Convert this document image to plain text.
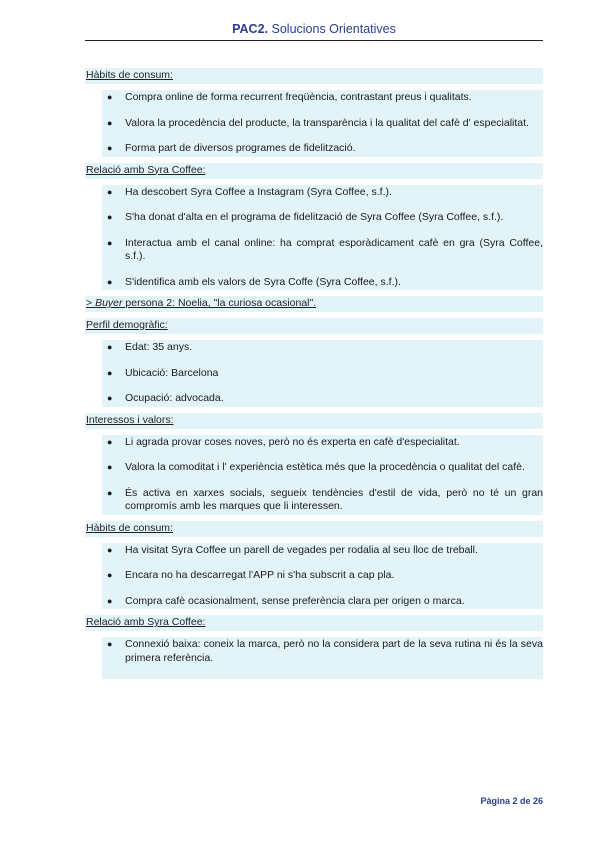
PAC2. Solucions Orientatives
Hàbits de consum:
●	Compra online de forma recurrent freqüència, contrastant preus i qualitats.
●	Valora la procedència del producte, la transparència i la qualitat del cafè d' especialitat.
●	Forma part de diversos programes de fidelització.
Relació amb Syra Coffee:
●	Ha descobert Syra Coffee a Instagram (Syra Coffee, s.f.).
●	S'ha donat d'alta en el programa de fidelització de Syra Coffee (Syra Coffee, s.f.).
●	Interactua amb el canal online: ha comprat esporàdicament cafè en gra (Syra Coffee, s.f.).
●	S'identifica amb els valors de Syra Coffe (Syra Coffee, s.f.).
> Buyer persona 2: Noelia, "la curiosa ocasional".
Perfil demogràfic:
●	Edat: 35 anys.
●	Ubicació: Barcelona
●	Ocupació: advocada.
Interessos i valors:
●	Li agrada provar coses noves, però no és experta en cafè d'especialitat.
●	Valora la comoditat i l' experiència estètica més que la procedència o qualitat del cafè.
●	És activa en xarxes socials, segueix tendències d'estil de vida, però no té un gran compromís amb les marques que li interessen.
Hàbits de consum:
●	Ha visitat Syra Coffee un parell de vegades per rodalia al seu lloc de treball.
●	Encara no ha descarregat l'APP ni s'ha subscrit a cap pla.
●	Compra cafè ocasionalment, sense preferència clara per origen o marca.
Relació amb Syra Coffee:
●	Connexió baixa: coneix la marca, però no la considera part de la seva rutina ni és la seva primera referència.
Pàgina 2 de 26
